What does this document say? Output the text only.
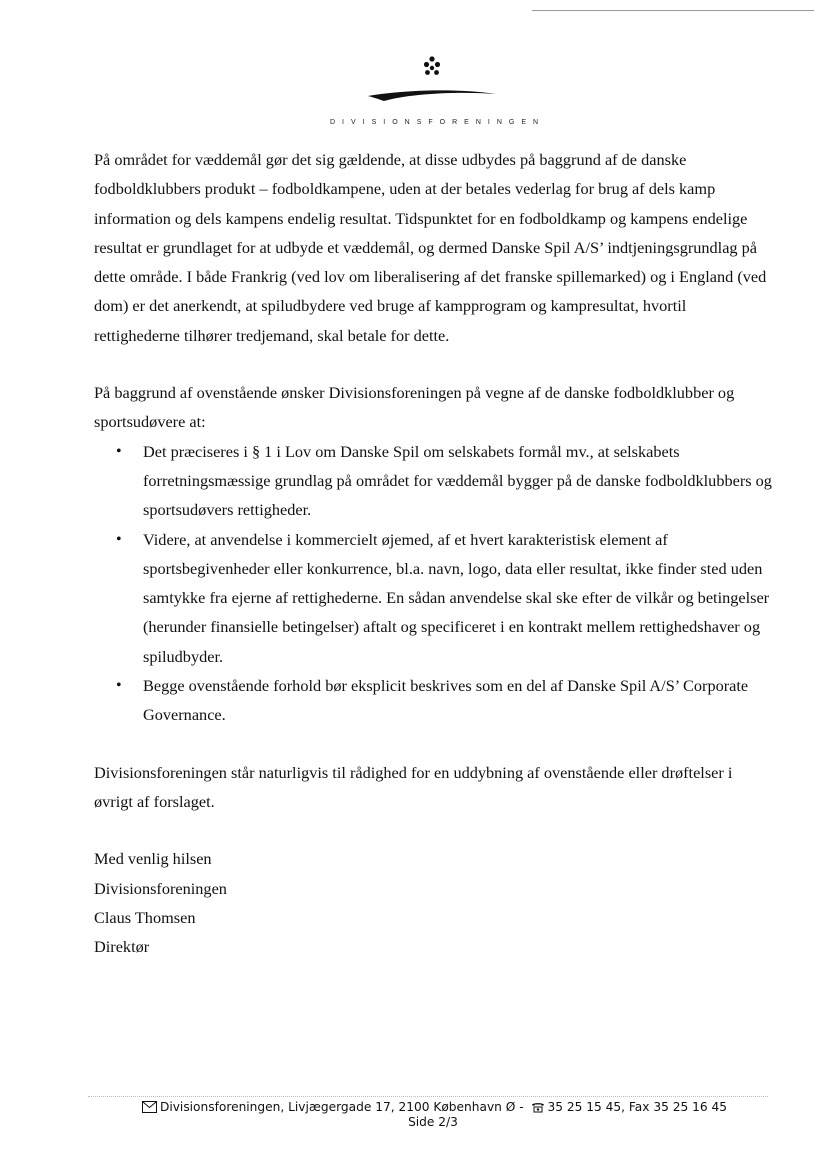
DIVISIONSFORENINGEN

På området for væddemål gør det sig gældende, at disse udbydes på baggrund af de danske fodboldklubbers produkt – fodboldkampene, uden at der betales vederlag for brug af dels kamp information og dels kampens endelig resultat. Tidspunktet for en fodboldkamp og kampens endelige resultat er grundlaget for at udbyde et væddemål, og dermed Danske Spil A/S’ indtjeningsgrundlag på dette område. I både Frankrig (ved lov om liberalisering af det franske spillemarked) og i England (ved dom) er det anerkendt, at spiludbydere ved bruge af kampprogram og kampresultat, hvortil rettighederne tilhører tredjemand, skal betale for dette.

På baggrund af ovenstående ønsker Divisionsforeningen på vegne af de danske fodboldklubber og sportsudøvere at:

• Det præciseres i § 1 i Lov om Danske Spil om selskabets formål mv., at selskabets forretningsmæssige grundlag på området for væddemål bygger på de danske fodboldklubbers og sportsudøvers rettigheder.
• Videre, at anvendelse i kommercielt øjemed, af et hvert karakteristisk element af sportsbegivenheder eller konkurrence, bl.a. navn, logo, data eller resultat, ikke finder sted uden samtykke fra ejerne af rettighederne. En sådan anvendelse skal ske efter de vilkår og betingelser (herunder finansielle betingelser) aftalt og specificeret i en kontrakt mellem rettighedshaver og spiludbyder.
• Begge ovenstående forhold bør eksplicit beskrives som en del af Danske Spil A/S’ Corporate Governance.

Divisionsforeningen står naturligvis til rådighed for en uddybning af ovenstående eller drøftelser i øvrigt af forslaget.

Med venlig hilsen
Divisionsforeningen
Claus Thomsen
Direktør
Divisionsforeningen, Livjægergade 17, 2100 København Ø - 35 25 15 45, Fax 35 25 16 45
Side 2/3
